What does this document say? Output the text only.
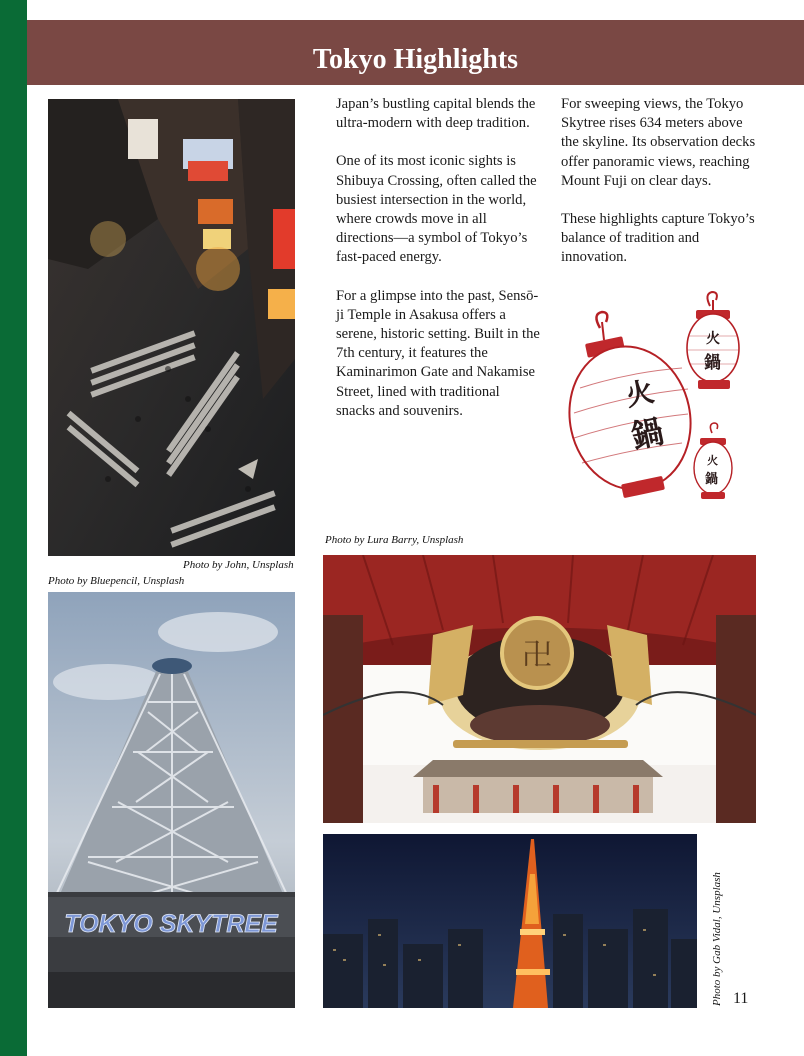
Tokyo Highlights
Photo by John, Unsplash
Photo by Bluepencil, Unsplash
TOKYO SKYTREE

Japan’s bustling capital blends the ultra-modern with deep tradition.

One of its most iconic sights is Shibuya Crossing, often called the busiest intersection in the world, where crowds move in all directions—a symbol of Tokyo’s fast-paced energy.

For a glimpse into the past, Sensō-ji Temple in Asakusa offers a serene, historic setting. Built in the 7th century, it features the Kaminarimon Gate and Nakamise Street, lined with traditional snacks and souvenirs.

For sweeping views, the Tokyo Skytree rises 634 meters above the skyline. Its observation decks offer panoramic views, reaching Mount Fuji on clear days.

These highlights capture Tokyo’s balance of tradition and innovation.

火
鍋
火
鍋
火
鍋
Photo by Lura Barry, Unsplash
卍
Photo by Gab Vidal, Unsplash 11
